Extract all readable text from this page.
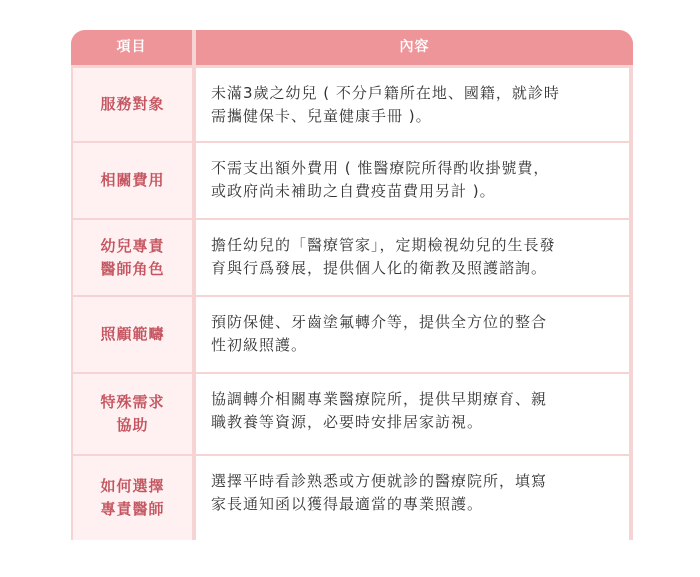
項目	內容
服務對象
未滿3歲之幼兒 ( 不分戶籍所在地、國籍，就診時
需攜健保卡、兒童健康手冊 )。
相關費用
不需支出額外費用 ( 惟醫療院所得酌收掛號費，
或政府尚未補助之自費疫苗費用另計 )。
幼兒專責
醫師角色
擔任幼兒的「醫療管家」，定期檢視幼兒的生長發
育與行爲發展，提供個人化的衛教及照護諮詢。
照顧範疇
預防保健、牙齒塗氟轉介等，提供全方位的整合
性初級照護。
特殊需求
協助
協調轉介相關專業醫療院所，提供早期療育、親
職教養等資源，必要時安排居家訪視。
如何選擇
專責醫師
選擇平時看診熟悉或方便就診的醫療院所，填寫
家長通知函以獲得最適當的專業照護。
